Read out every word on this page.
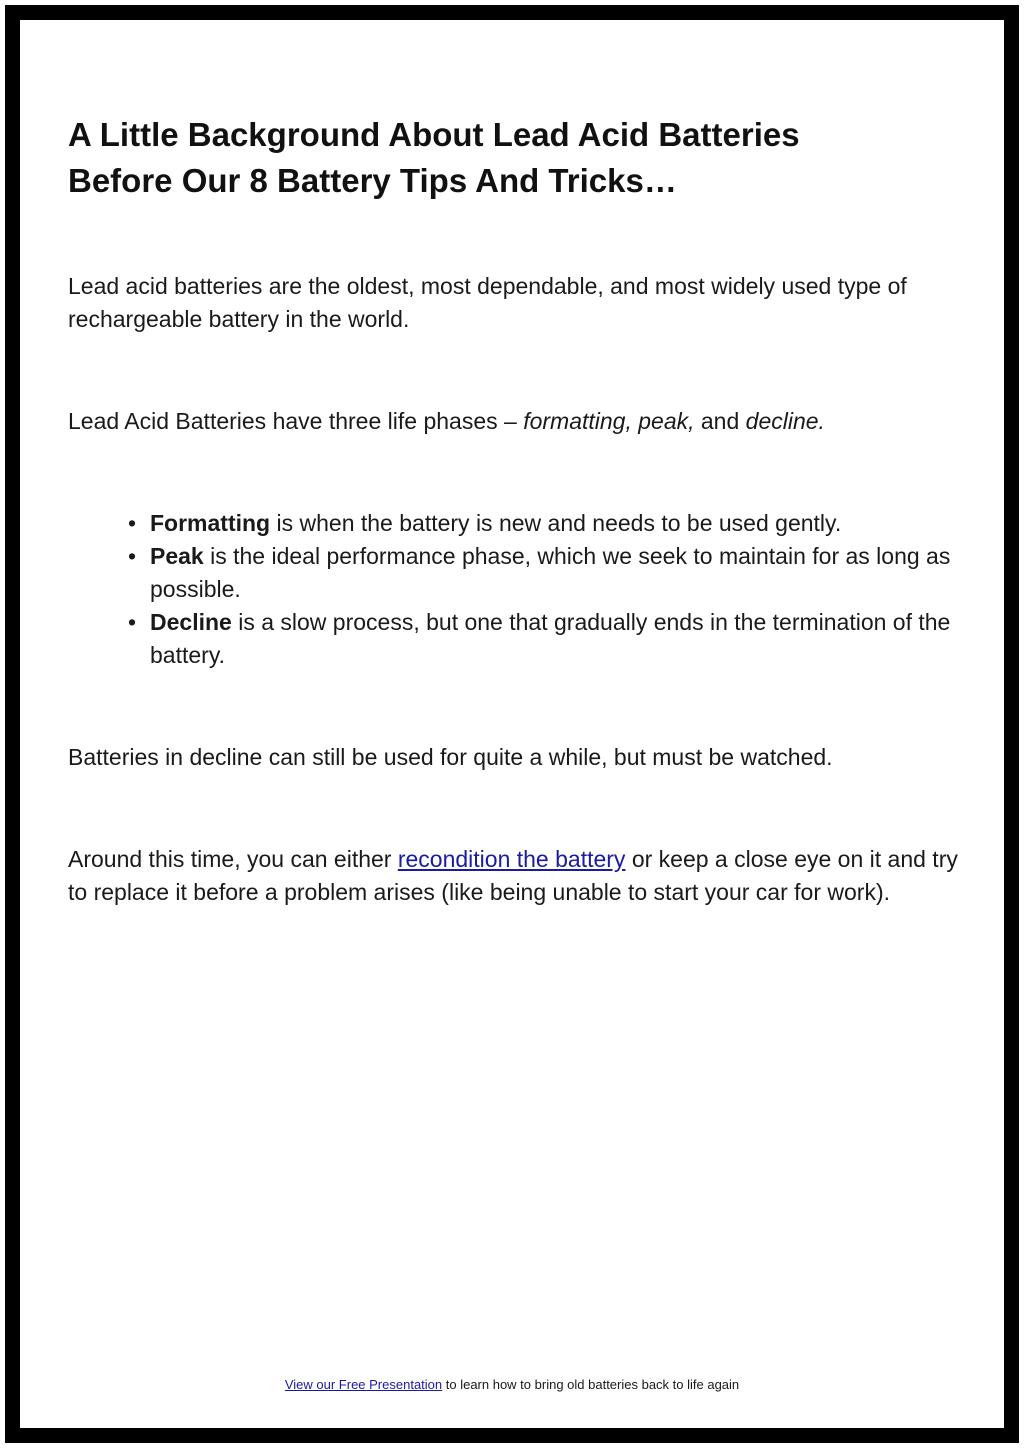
A Little Background About Lead Acid Batteries
Before Our 8 Battery Tips And Tricks…

Lead acid batteries are the oldest, most dependable, and most widely used type of rechargeable battery in the world.

Lead Acid Batteries have three life phases – formatting, peak, and decline.

• Formatting is when the battery is new and needs to be used gently.
• Peak is the ideal performance phase, which we seek to maintain for as long as possible.
• Decline is a slow process, but one that gradually ends in the termination of the battery.

Batteries in decline can still be used for quite a while, but must be watched.

Around this time, you can either recondition the battery or keep a close eye on it and try to replace it before a problem arises (like being unable to start your car for work).

View our Free Presentation to learn how to bring old batteries back to life again
